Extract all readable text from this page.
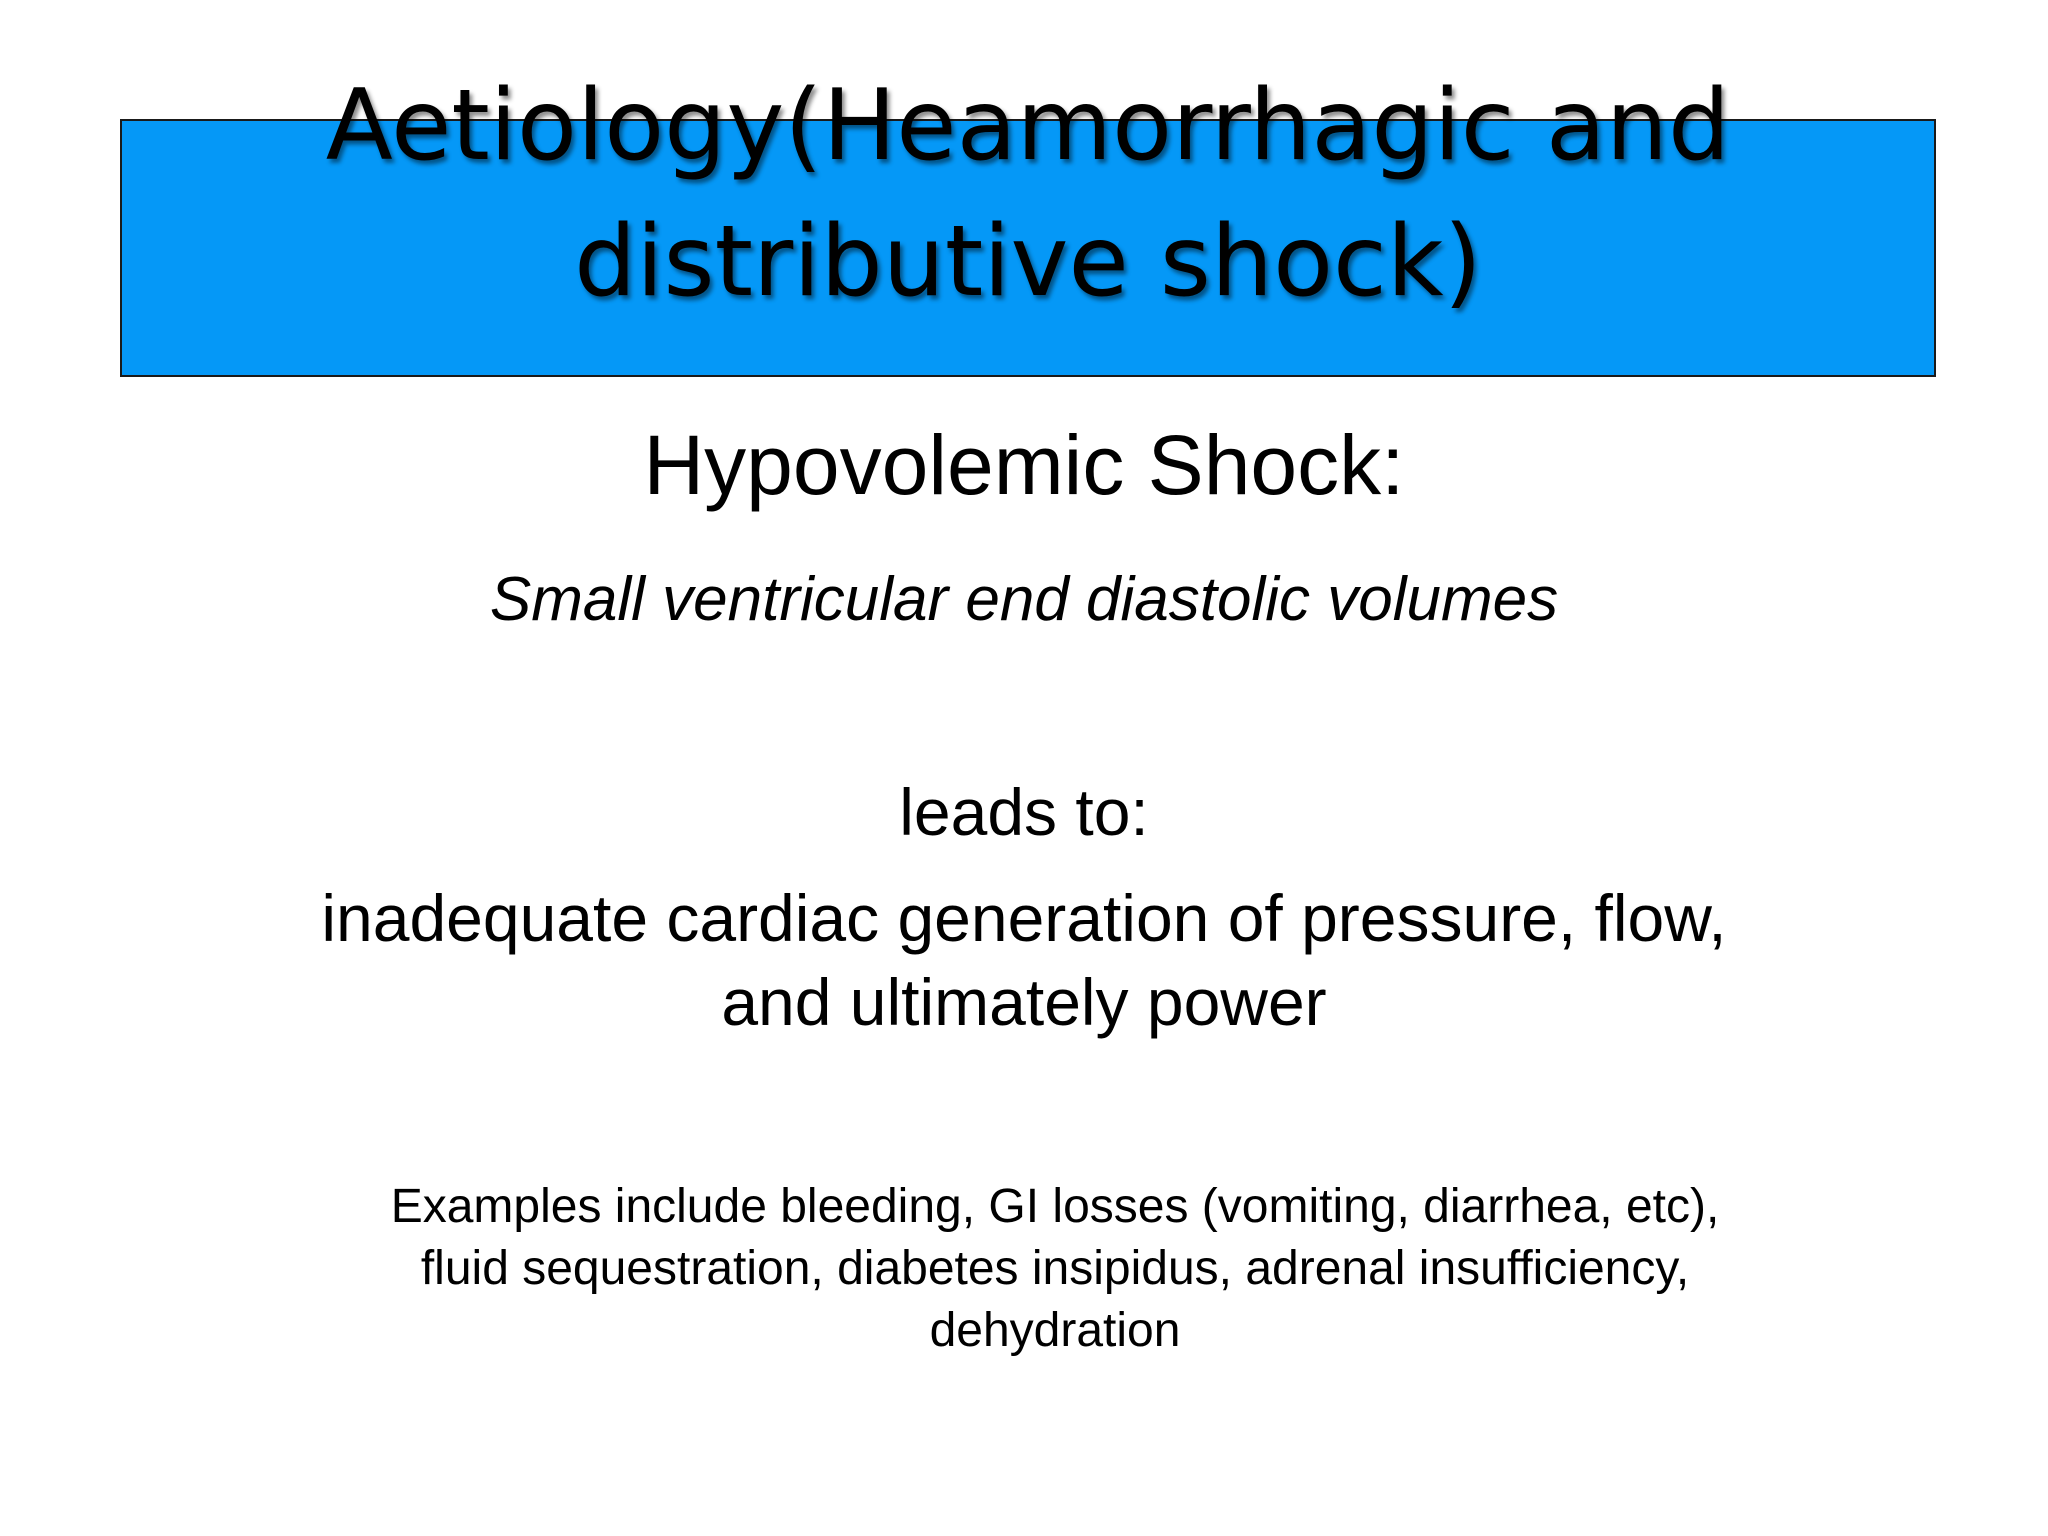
Aetiology(Heamorrhagic and
distributive shock)
Hypovolemic Shock:
Small ventricular end diastolic volumes
leads to:
inadequate cardiac generation of pressure, flow,
and ultimately power
Examples include bleeding, GI losses (vomiting, diarrhea, etc),
fluid sequestration, diabetes insipidus, adrenal insufficiency,
dehydration
